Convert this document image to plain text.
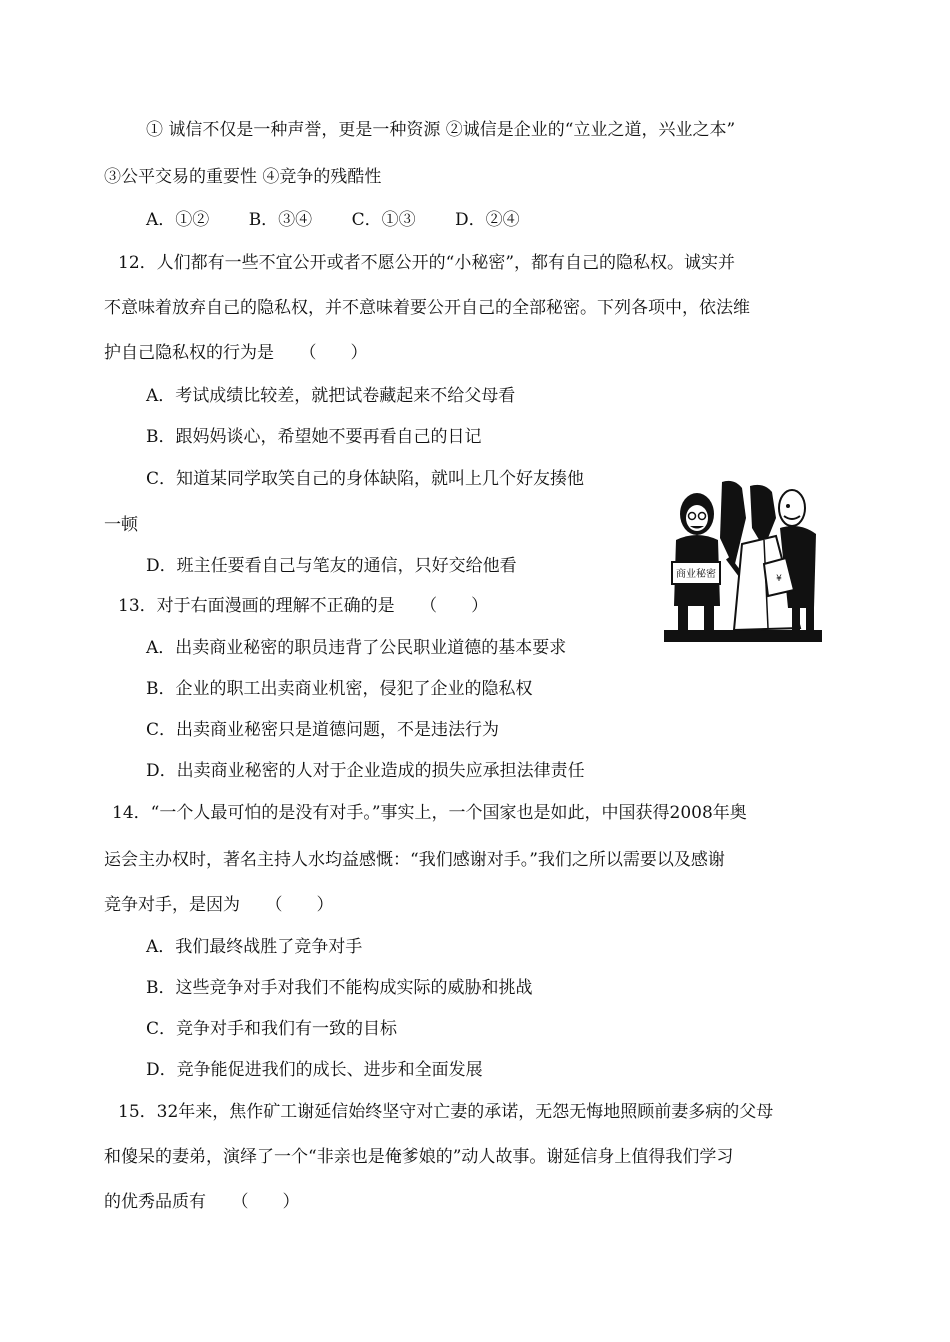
① 诚信不仅是一种声誉，更是一种资源 ②诚信是企业的“立业之道，兴业之本”
③公平交易的重要性 ④竞争的残酷性
A．①② B．③④ C．①③ D．②④
12．人们都有一些不宜公开或者不愿公开的“小秘密”，都有自己的隐私权。诚实并
不意味着放弃自己的隐私权，并不意味着要公开自己的全部秘密。下列各项中，依法维
护自己隐私权的行为是　　（　　）
A．考试成绩比较差，就把试卷藏起来不给父母看
B．跟妈妈谈心，希望她不要再看自己的日记
C．知道某同学取笑自己的身体缺陷，就叫上几个好友揍他
一顿
D．班主任要看自己与笔友的通信，只好交给他看
13．对于右面漫画的理解不正确的是　　（　　）
A．出卖商业秘密的职员违背了公民职业道德的基本要求
B．企业的职工出卖商业机密，侵犯了企业的隐私权
C．出卖商业秘密只是道德问题，不是违法行为
D．出卖商业秘密的人对于企业造成的损失应承担法律责任
14．“一个人最可怕的是没有对手。”事实上，一个国家也是如此，中国获得2008年奥
运会主办权时，著名主持人水均益感慨：“我们感谢对手。”我们之所以需要以及感谢
竞争对手，是因为　　（　　）
A．我们最终战胜了竞争对手
B．这些竞争对手对我们不能构成实际的威胁和挑战
C．竞争对手和我们有一致的目标
D．竞争能促进我们的成长、进步和全面发展
15．32年来，焦作矿工谢延信始终坚守对亡妻的承诺，无怨无悔地照顾前妻多病的父母
和傻呆的妻弟，演绎了一个“非亲也是俺爹娘的”动人故事。谢延信身上值得我们学习
的优秀品质有　　（　　）
商业秘密	¥
